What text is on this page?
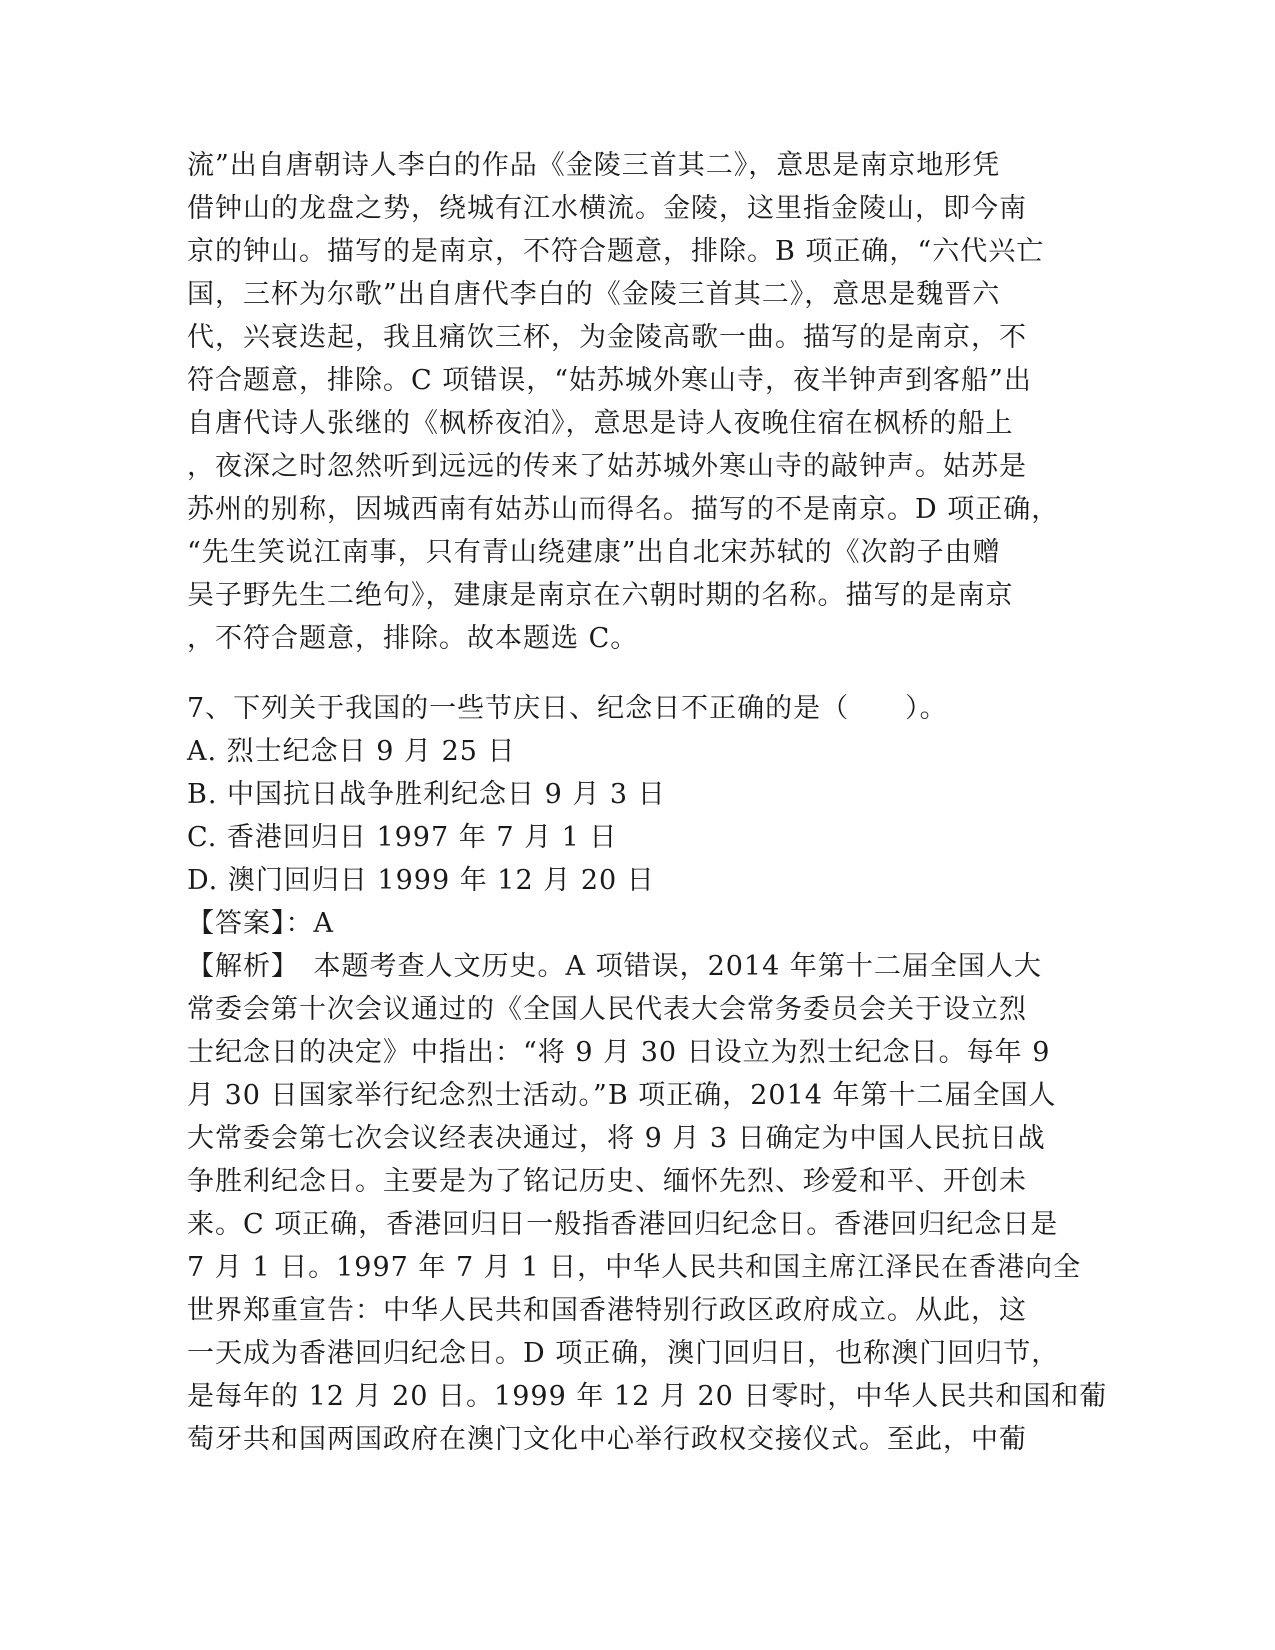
流”出自唐朝诗人李白的作品《金陵三首其二》，意思是南京地形凭
借钟山的龙盘之势，绕城有江水横流。金陵，这里指金陵山，即今南
京的钟山。描写的是南京，不符合题意，排除。B 项正确，“六代兴亡
国，三杯为尔歌”出自唐代李白的《金陵三首其二》，意思是魏晋六
代，兴衰迭起，我且痛饮三杯，为金陵高歌一曲。描写的是南京，不
符合题意，排除。C 项错误，“姑苏城外寒山寺，夜半钟声到客船”出
自唐代诗人张继的《枫桥夜泊》，意思是诗人夜晚住宿在枫桥的船上
，夜深之时忽然听到远远的传来了姑苏城外寒山寺的敲钟声。姑苏是
苏州的别称，因城西南有姑苏山而得名。描写的不是南京。D 项正确，
“先生笑说江南事，只有青山绕建康”出自北宋苏轼的《次韵子由赠
吴子野先生二绝句》，建康是南京在六朝时期的名称。描写的是南京
，不符合题意，排除。故本题选 C。
7、下列关于我国的一些节庆日、纪念日不正确的是（　　）。
A. 烈士纪念日 9 月 25 日
B. 中国抗日战争胜利纪念日 9 月 3 日
C. 香港回归日 1997 年 7 月 1 日
D. 澳门回归日 1999 年 12 月 20 日
【答案】：A
【解析】　本题考查人文历史。A 项错误，2014 年第十二届全国人大
常委会第十次会议通过的《全国人民代表大会常务委员会关于设立烈
士纪念日的决定》中指出：“将 9 月 30 日设立为烈士纪念日。每年 9
月 30 日国家举行纪念烈士活动。”B 项正确，2014 年第十二届全国人
大常委会第七次会议经表决通过，将 9 月 3 日确定为中国人民抗日战
争胜利纪念日。主要是为了铭记历史、缅怀先烈、珍爱和平、开创未
来。C 项正确，香港回归日一般指香港回归纪念日。香港回归纪念日是
7 月 1 日。1997 年 7 月 1 日，中华人民共和国主席江泽民在香港向全
世界郑重宣告：中华人民共和国香港特别行政区政府成立。从此，这
一天成为香港回归纪念日。D 项正确，澳门回归日，也称澳门回归节，
是每年的 12 月 20 日。1999 年 12 月 20 日零时，中华人民共和国和葡
萄牙共和国两国政府在澳门文化中心举行政权交接仪式。至此，中葡
